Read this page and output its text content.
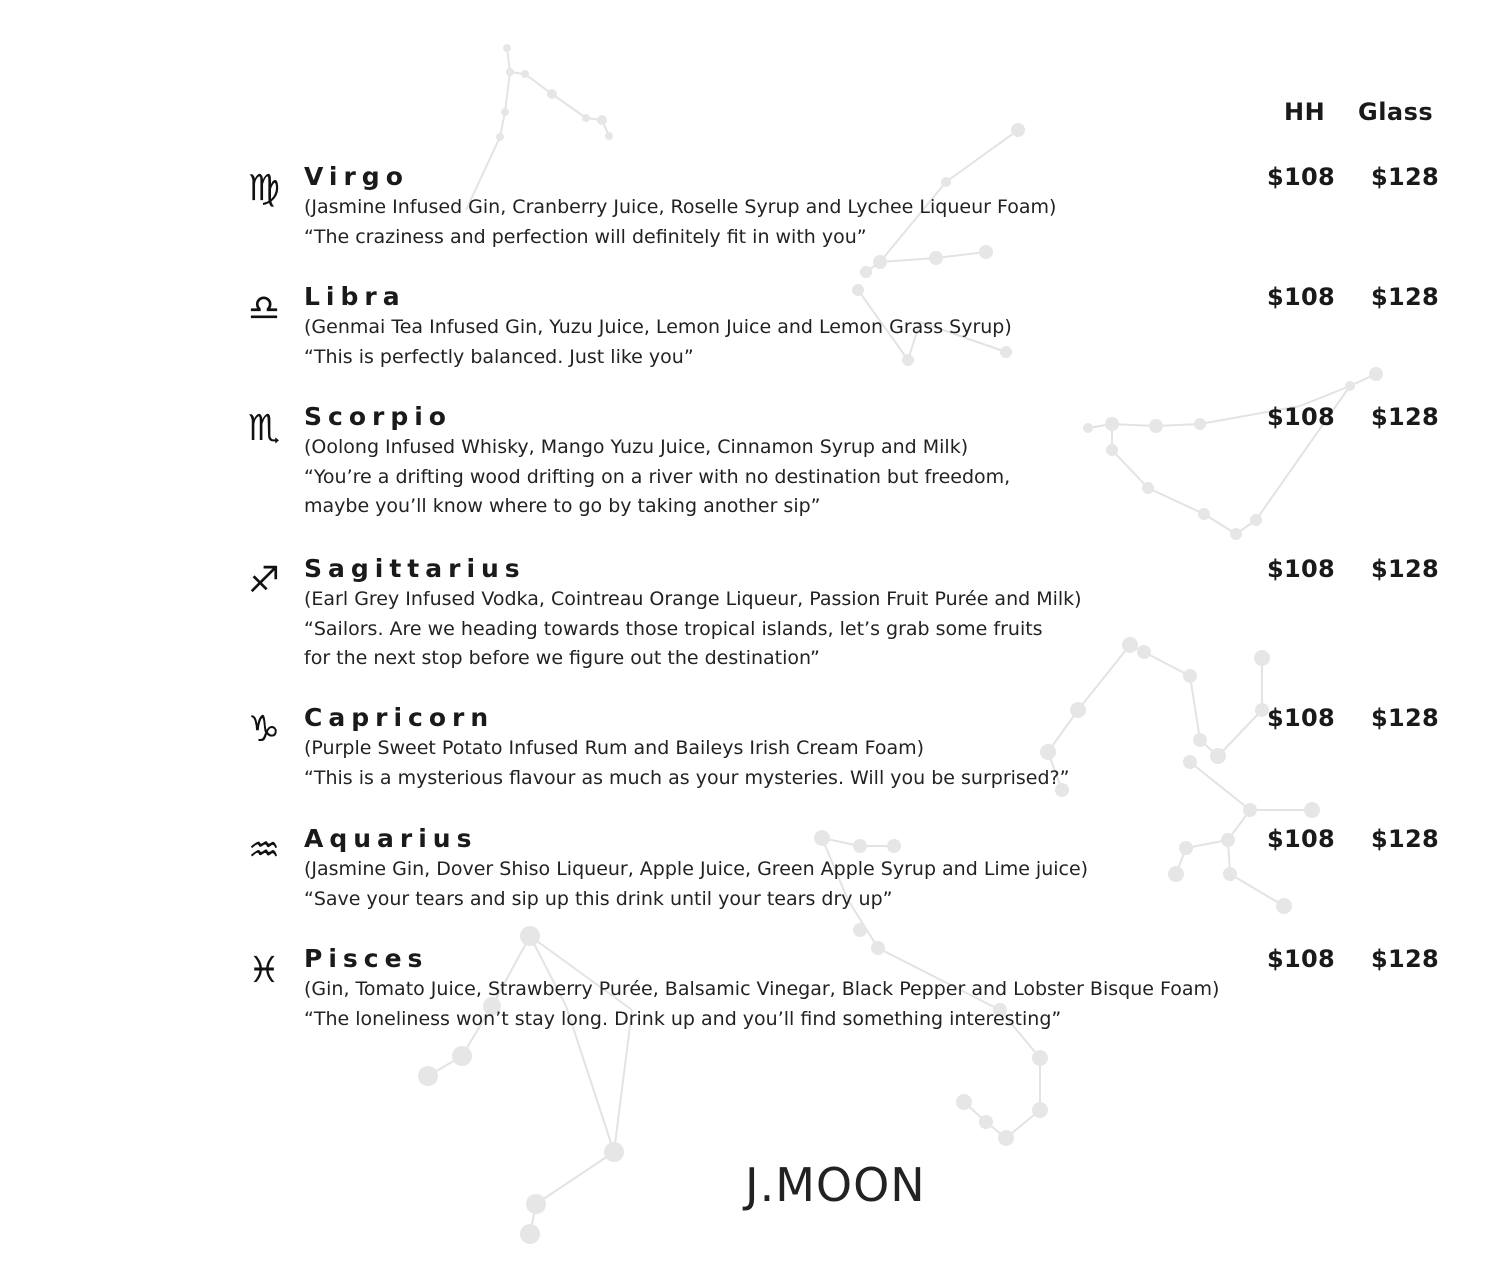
HH Glass
♍ Virgo
(Jasmine Infused Gin, Cranberry Juice, Roselle Syrup and Lychee Liqueur Foam)
“The craziness and perfection will definitely fit in with you”
$108 $128
♎ Libra
(Genmai Tea Infused Gin, Yuzu Juice, Lemon Juice and Lemon Grass Syrup)
“This is perfectly balanced. Just like you”
$108 $128
♏ Scorpio
(Oolong Infused Whisky, Mango Yuzu Juice, Cinnamon Syrup and Milk)
“You’re a drifting wood drifting on a river with no destination but freedom,
maybe you’ll know where to go by taking another sip”
$108 $128
♐ Sagittarius
(Earl Grey Infused Vodka, Cointreau Orange Liqueur, Passion Fruit Purée and Milk)
“Sailors. Are we heading towards those tropical islands, let’s grab some fruits
for the next stop before we figure out the destination”
$108 $128
♑ Capricorn
(Purple Sweet Potato Infused Rum and Baileys Irish Cream Foam)
“This is a mysterious flavour as much as your mysteries. Will you be surprised?”
$108 $128
♒ Aquarius
(Jasmine Gin, Dover Shiso Liqueur, Apple Juice, Green Apple Syrup and Lime juice)
“Save your tears and sip up this drink until your tears dry up”
$108 $128
♓ Pisces
(Gin, Tomato Juice, Strawberry Purée, Balsamic Vinegar, Black Pepper and Lobster Bisque Foam)
“The loneliness won’t stay long. Drink up and you’ll find something interesting”
$108 $128
J.MOON
